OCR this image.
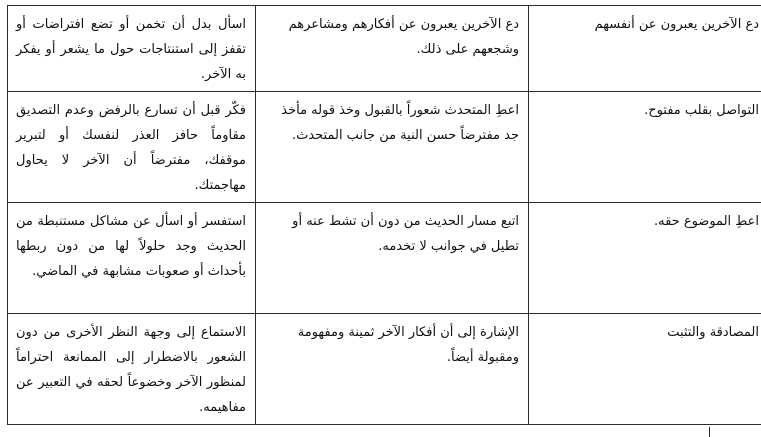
دع الآخرين يعبرون عن أنفسهم	دع الآخرين يعبرون عن أفكارهم ومشاعرهم وشجعهم على ذلك.	اسأل بدل أن تخمن أو تضع افتراضات أو تقفز إلى استنتاجات حول ما يشعر أو يفكر به الآخر.
التواصل بقلب مفتوح.	اعطِ المتحدث شعوراً بالقبول وخذ قوله مأخذ جد مفترضاً حسن النية من جانب المتحدث.	فكّر قبل أن تسارع بالرفض وعدم التصديق مقاوماً حافز العذر لنفسك أو لتبرير موقفك، مفترضاً أن الآخر لا يحاول مهاجمتك.
اعطِ الموضوع حقه.	اتبع مسار الحديث من دون أن تشط عنه أو تطيل في جوانب لا تخدمه.	استفسر أو اسأل عن مشاكل مستنبطة من الحديث وجد حلولاً لها من دون ربطها بأحداث أو صعوبات مشابهة في الماضي.
المصادقة والتثبت	الإشارة إلى أن أفكار الآخر ثمينة ومفهومة ومقبولة أيضاً.	الاستماع إلى وجهة النظر الأخرى من دون الشعور بالاضطرار إلى الممانعة احتراماً لمنظور الآخر وخضوعاً لحقه في التعبير عن مفاهيمه.
